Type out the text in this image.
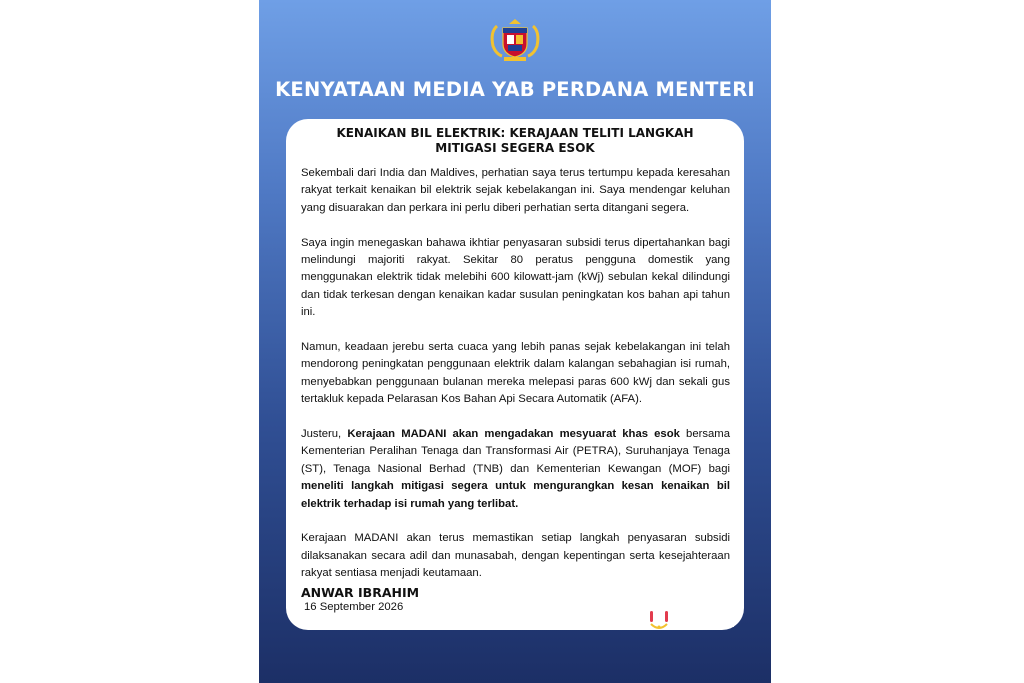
KENYATAAN MEDIA YAB PERDANA MENTERI
KENAIKAN BIL ELEKTRIK: KERAJAAN TELITI LANGKAH
MITIGASI SEGERA ESOK

Sekembali dari India dan Maldives, perhatian saya terus tertumpu kepada keresahan rakyat terkait kenaikan bil elektrik sejak kebelakangan ini. Saya mendengar keluhan yang disuarakan dan perkara ini perlu diberi perhatian serta ditangani segera.

Saya ingin menegaskan bahawa ikhtiar penyasaran subsidi terus dipertahankan bagi melindungi majoriti rakyat. Sekitar 80 peratus pengguna domestik yang menggunakan elektrik tidak melebihi 600 kilowatt-jam (kWj) sebulan kekal dilindungi dan tidak terkesan dengan kenaikan kadar susulan peningkatan kos bahan api tahun ini.

Namun, keadaan jerebu serta cuaca yang lebih panas sejak kebelakangan ini telah mendorong peningkatan penggunaan elektrik dalam kalangan sebahagian isi rumah, menyebabkan penggunaan bulanan mereka melepasi paras 600 kWj dan sekali gus tertakluk kepada Pelarasan Kos Bahan Api Secara Automatik (AFA).

Justeru, Kerajaan MADANI akan mengadakan mesyuarat khas esok bersama Kementerian Peralihan Tenaga dan Transformasi Air (PETRA), Suruhanjaya Tenaga (ST), Tenaga Nasional Berhad (TNB) dan Kementerian Kewangan (MOF) bagi meneliti langkah mitigasi segera untuk mengurangkan kesan kenaikan bil elektrik terhadap isi rumah yang terlibat.

Kerajaan MADANI akan terus memastikan setiap langkah penyasaran subsidi dilaksanakan secara adil dan munasabah, dengan kepentingan serta kesejahteraan rakyat sentiasa menjadi keutamaan.

ANWAR IBRAHIM
16 September 2026	MALAYSIA
MADANI
